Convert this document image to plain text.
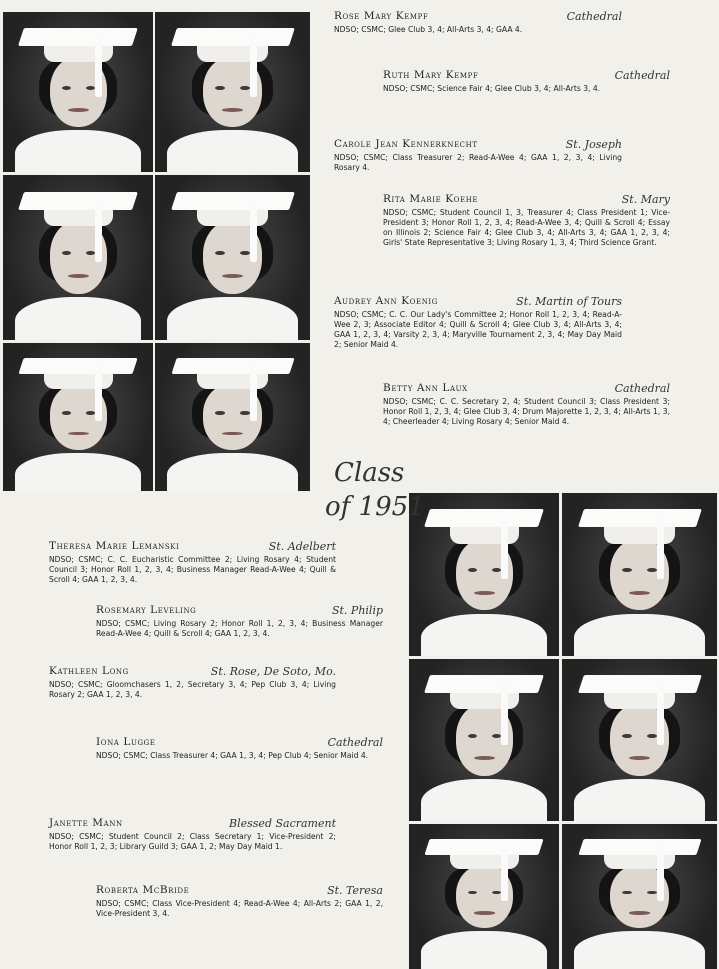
Class
of 1951
Rose Mary Kempf	Cathedral
NDSO; CSMC; Glee Club 3, 4; All-Arts 3, 4; GAA 4.
Ruth Mary Kempf	Cathedral
NDSO; CSMC; Science Fair 4; Glee Club 3, 4; All-Arts 3, 4.
Carole Jean Kennerknecht	St. Joseph
NDSO; CSMC; Class Treasurer 2; Read-A-Wee 4; GAA 1, 2, 3, 4; Living Rosary 4.
Rita Marie Koehe	St. Mary
NDSO; CSMC; Student Council 1, 3, Treasurer 4; Class President 1; Vice-President 3; Honor Roll 1, 2, 3, 4; Read-A-Wee 3, 4; Quill & Scroll 4; Essay on Illinois 2; Science Fair 4; Glee Club 3, 4; All-Arts 3, 4; GAA 1, 2, 3, 4; Girls' State Representative 3; Living Rosary 1, 3, 4; Third Science Grant.
Audrey Ann Koenig	St. Martin of Tours
NDSO; CSMC; C. C. Our Lady's Committee 2; Honor Roll 1, 2, 3, 4; Read-A-Wee 2, 3; Associate Editor 4; Quill & Scroll 4; Glee Club 3, 4; All-Arts 3, 4; GAA 1, 2, 3, 4; Varsity 2, 3, 4; Maryville Tournament 2, 3, 4; May Day Maid 2; Senior Maid 4.
Betty Ann Laux	Cathedral
NDSO; CSMC; C. C. Secretary 2, 4; Student Council 3; Class President 3; Honor Roll 1, 2, 3, 4; Glee Club 3, 4; Drum Majorette 1, 2, 3, 4; All-Arts 1, 3, 4; Cheerleader 4; Living Rosary 4; Senior Maid 4.
Theresa Marie Lemanski	St. Adelbert
NDSO; CSMC; C. C. Eucharistic Committee 2; Living Rosary 4; Student Council 3; Honor Roll 1, 2, 3, 4; Business Manager Read-A-Wee 4; Quill & Scroll 4; GAA 1, 2, 3, 4.
Rosemary Leveling	St. Philip
NDSO; CSMC; Living Rosary 2; Honor Roll 1, 2, 3, 4; Business Manager Read-A-Wee 4; Quill & Scroll 4; GAA 1, 2, 3, 4.
Kathleen Long	St. Rose, De Soto, Mo.
NDSO; CSMC; Gloomchasers 1, 2, Secretary 3, 4; Pep Club 3, 4; Living Rosary 2; GAA 1, 2, 3, 4.
Iona Lugge	Cathedral
NDSO; CSMC; Class Treasurer 4; GAA 1, 3, 4; Pep Club 4; Senior Maid 4.
Janette Mann	Blessed Sacrament
NDSO; CSMC; Student Council 2; Class Secretary 1; Vice-President 2; Honor Roll 1, 2, 3; Library Guild 3; GAA 1, 2; May Day Maid 1.
Roberta McBride	St. Teresa
NDSO; CSMC; Class Vice-President 4; Read-A-Wee 4; All-Arts 2; GAA 1, 2, Vice-President 3, 4.
